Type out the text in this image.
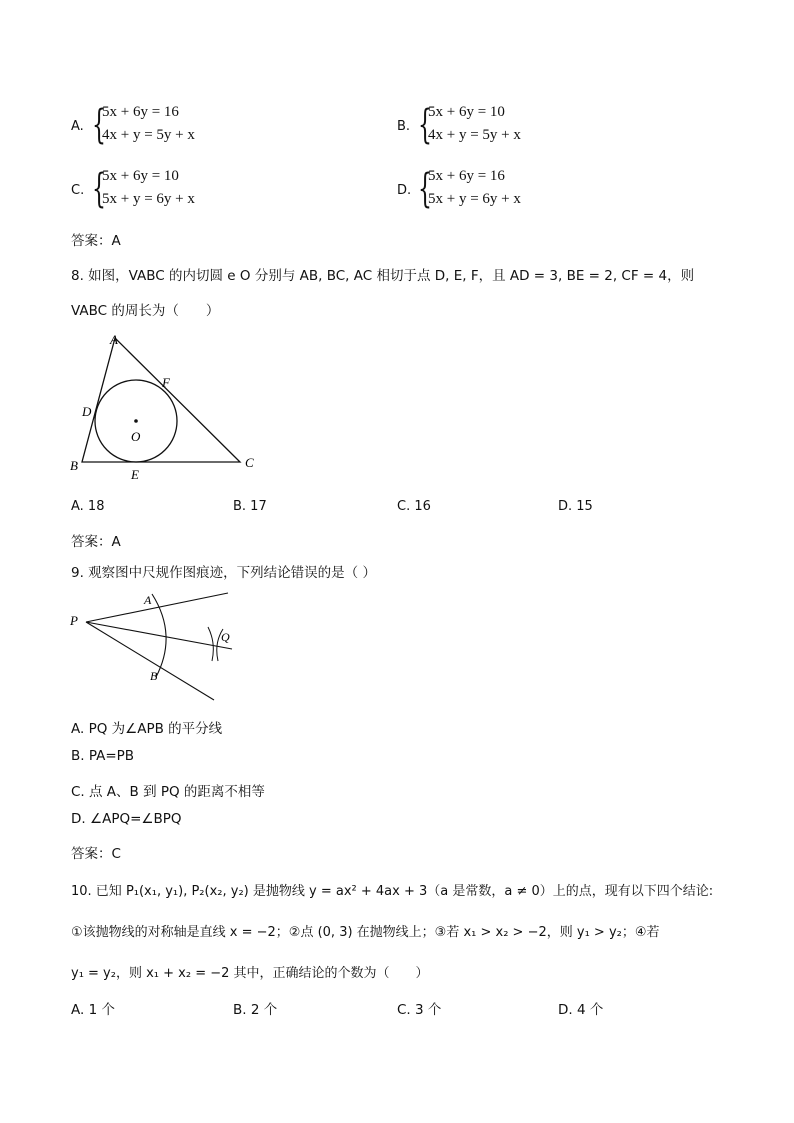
A. {
5x + 6y = 16
4x + y = 5y + x
B. {
5x + 6y = 10
4x + y = 5y + x
C. {
5x + 6y = 10
5x + y = 6y + x
D. {
5x + 6y = 16
5x + y = 6y + x
答案：A
8. 如图，VABC 的内切圆 e O 分别与 AB, BC, AC 相切于点 D, E, F，且 AD = 3, BE = 2, CF = 4，则
VABC 的周长为（　　）
A
B	C
D
E
F
O
A. 18	B. 17	C. 16	D. 15
答案：A
9. 观察图中尺规作图痕迹，下列结论错误的是（ ）
P
A
B
Q
A. PQ 为∠APB 的平分线
B. PA=PB
C. 点 A、B 到 PQ 的距离不相等
D. ∠APQ=∠BPQ
答案：C
10. 已知 P₁(x₁, y₁), P₂(x₂, y₂) 是抛物线 y = ax² + 4ax + 3（a 是常数，a ≠ 0）上的点，现有以下四个结论:
①该抛物线的对称轴是直线 x = −2；②点 (0, 3) 在抛物线上；③若 x₁ > x₂ > −2，则 y₁ > y₂；④若
y₁ = y₂，则 x₁ + x₂ = −2 其中，正确结论的个数为（　　）
A. 1 个	B. 2 个	C. 3 个	D. 4 个
